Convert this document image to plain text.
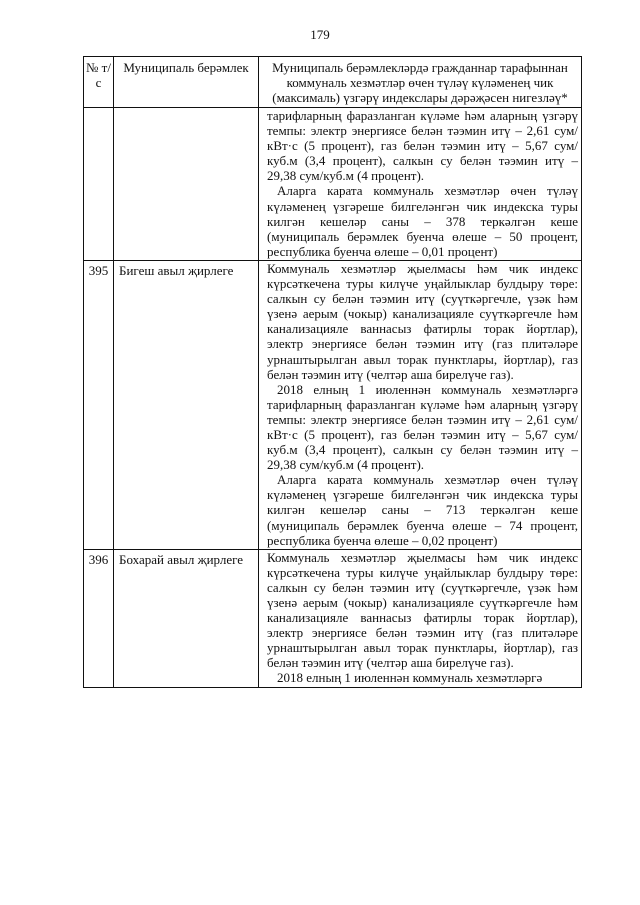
179
№ т/с	Муниципаль берәмлек	Муниципаль берәмлекләрдә гражданнар тарафыннан коммуналь хезмәтләр өчен түләү күләменең чик (максималь) үзгәрү индекслары дәрәҗәсен нигезләү*

		тарифларның фаразланган күләме һәм аларның үзгәрү темпы: электр энергиясе белән тәэмин итү – 2,61 сум/кВт·с (5 процент), газ белән тәэмин итү – 5,67 сум/куб.м (3,4 процент), салкын су белән тәэмин итү – 29,38 сум/куб.м (4 процент).

Аларга карата коммуналь хезмәтләр өчен түләү күләменең үзгәреше билгеләнгән чик индекска туры килгән кешеләр саны – 378 теркәлгән кеше (муниципаль берәмлек буенча өлеше – 50 процент, республика буенча өлеше – 0,01 процент)

395	Бигеш авыл җирлеге	Коммуналь хезмәтләр җыелмасы һәм чик индекс күрсәткечена туры килүче уңайлыклар булдыру төре: салкын су белән тәэмин итү (суүткәргечле, үзәк һәм үзенә аерым (чокыр) канализацияле суүткәргечле һәм канализацияле ваннасыз фатирлы торак йортлар), электр энергиясе белән тәэмин итү (газ плитәләре урнаштырылган авыл торак пунктлары, йортлар), газ белән тәэмин итү (челтәр аша бирелүче газ).

2018 елның 1 июленнән коммуналь хезмәтләргә тарифларның фаразланган күләме һәм аларның үзгәрү темпы: электр энергиясе белән тәэмин итү – 2,61 сум/кВт·с (5 процент), газ белән тәэмин итү – 5,67 сум/куб.м (3,4 процент), салкын су белән тәэмин итү – 29,38 сум/куб.м (4 процент).

Аларга карата коммуналь хезмәтләр өчен түләү күләменең үзгәреше билгеләнгән чик индекска туры килгән кешеләр саны – 713 теркәлгән кеше (муниципаль берәмлек буенча өлеше – 74 процент, республика буенча өлеше – 0,02 процент)

396	Бохарай авыл җирлеге	Коммуналь хезмәтләр җыелмасы һәм чик индекс күрсәткечена туры килүче уңайлыклар булдыру төре: салкын су белән тәэмин итү (суүткәргечле, үзәк һәм үзенә аерым (чокыр) канализацияле суүткәргечле һәм канализацияле ваннасыз фатирлы торак йортлар), электр энергиясе белән тәэмин итү (газ плитәләре урнаштырылган авыл торак пунктлары, йортлар), газ белән тәэмин итү (челтәр аша бирелүче газ).

2018 елның 1 июленнән коммуналь хезмәтләргә
